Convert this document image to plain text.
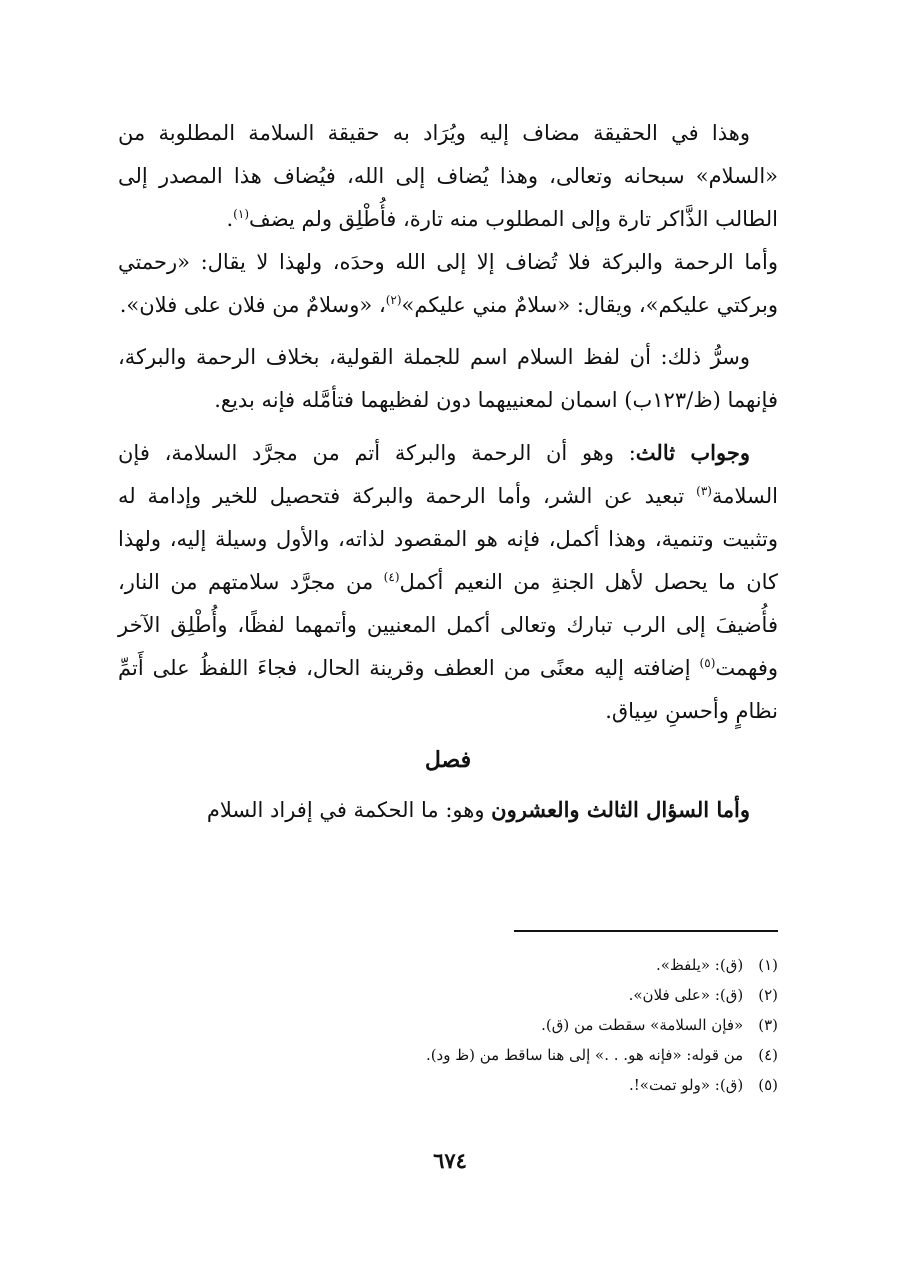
وهذا في الحقيقة مضاف إليه ويُرَاد به حقيقة السلامة المطلوبة من «السلام» سبحانه وتعالى، وهذا يُضاف إلى الله، فيُضاف هذا المصدر إلى الطالب الذَّاكر تارة وإلى المطلوب منه تارة، فأُطْلِق ولم يضف$^{(١)}$.

وأما الرحمة والبركة فلا تُضاف إلا إلى الله وحدَه، ولهذا لا يقال: «رحمتي وبركتي عليكم»، ويقال: «سلامٌ مني عليكم»$^{(٢)}$، «وسلامٌ من فلان على فلان».

وسرُّ ذلك: أن لفظ السلام اسم للجملة القولية، بخلاف الرحمة والبركة، فإنهما (ظ/١٢٣ب) اسمان لمعنييهما دون لفظيهما فتأمَّله فإنه بديع.

وجواب ثالث: وهو أن الرحمة والبركة أتم من مجرَّد السلامة، فإن السلامة$^{(٣)}$ تبعيد عن الشر، وأما الرحمة والبركة فتحصيل للخير وإدامة له وتثبيت وتنمية، وهذا أكمل، فإنه هو المقصود لذاته، والأول وسيلة إليه، ولهذا كان ما يحصل لأهل الجنةِ من النعيم أكمل$^{(٤)}$ من مجرَّد سلامتهم من النار، فأُضيفَ إلى الرب تبارك وتعالى أكمل المعنيين وأتمهما لفظًا، وأُطْلِق الآخر وفهمت$^{(٥)}$ إضافته إليه معنًى من العطف وقرينة الحال، فجاءَ اللفظُ على أَتمِّ نظامٍ وأحسنِ سِياق.

فصل

وأما السؤال الثالث والعشرون وهو: ما الحكمة في إفراد السلام

(١) (ق): «يلفظ».

(٢) (ق): «على فلان».

(٣) «فإن السلامة» سقطت من (ق).

(٤) من قوله: «فإنه هو. . .» إلى هنا ساقط من (ظ ود).

(٥) (ق): «ولو تمت»!.

٦٧٤
